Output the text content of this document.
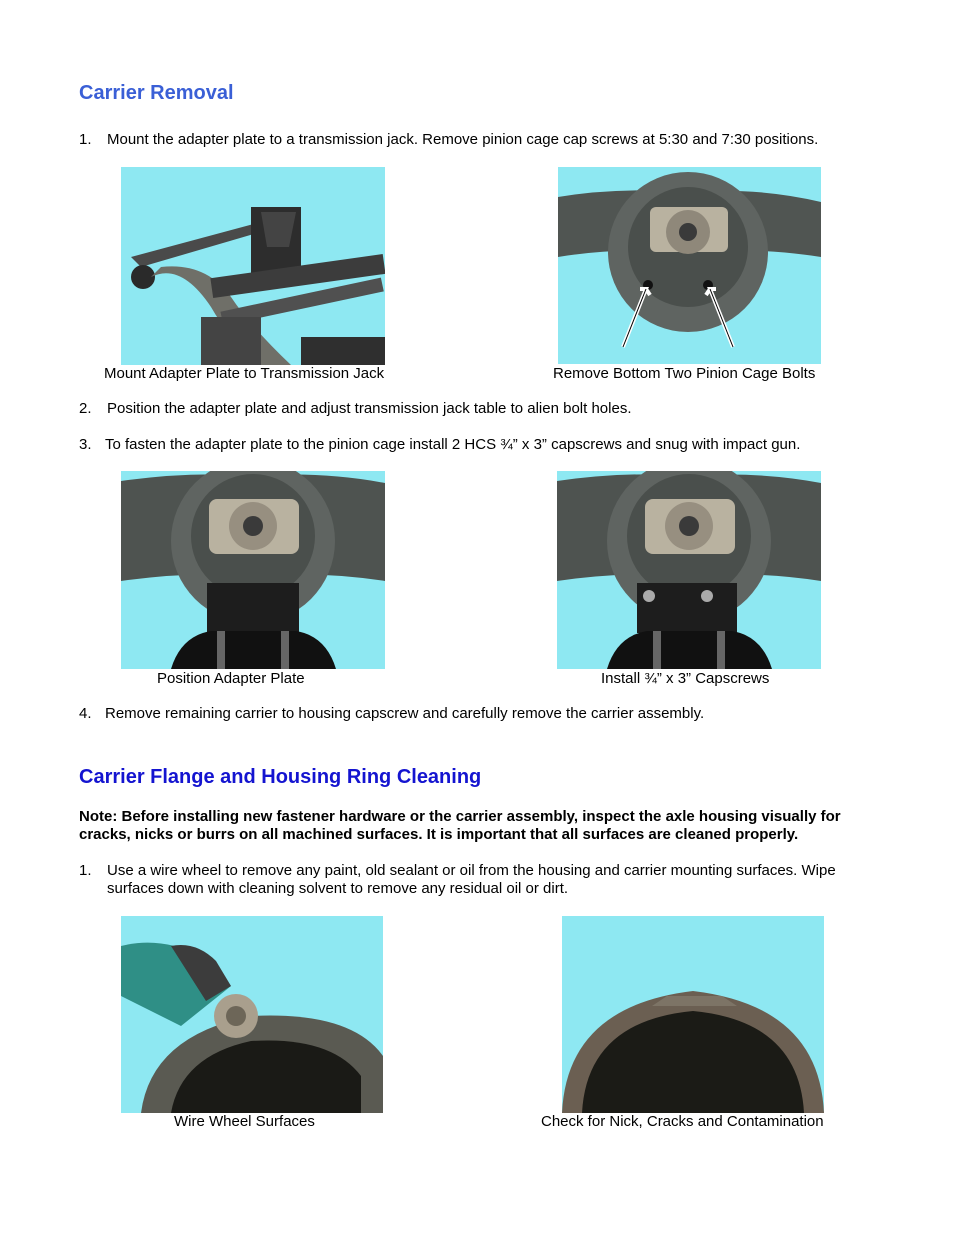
Carrier Removal
1. Mount the adapter plate to a transmission jack. Remove pinion cage cap screws at 5:30 and 7:30 positions.
Mount Adapter Plate to Transmission Jack	Remove Bottom Two Pinion Cage Bolts
2. Position the adapter plate and adjust transmission jack table to alien bolt holes.
3. To fasten the adapter plate to the pinion cage install 2 HCS ¾” x 3” capscrews and snug with impact gun.
Position Adapter Plate	Install ¾” x 3” Capscrews
4. Remove remaining carrier to housing capscrew and carefully remove the carrier assembly.
Carrier Flange and Housing Ring Cleaning
Note: Before installing new fastener hardware or the carrier assembly, inspect the axle housing visually for
cracks, nicks or burrs on all machined surfaces. It is important that all surfaces are cleaned properly.
1. Use a wire wheel to remove any paint, old sealant or oil from the housing and carrier mounting surfaces. Wipe
surfaces down with cleaning solvent to remove any residual oil or dirt.
Wire Wheel Surfaces	Check for Nick, Cracks and Contamination
